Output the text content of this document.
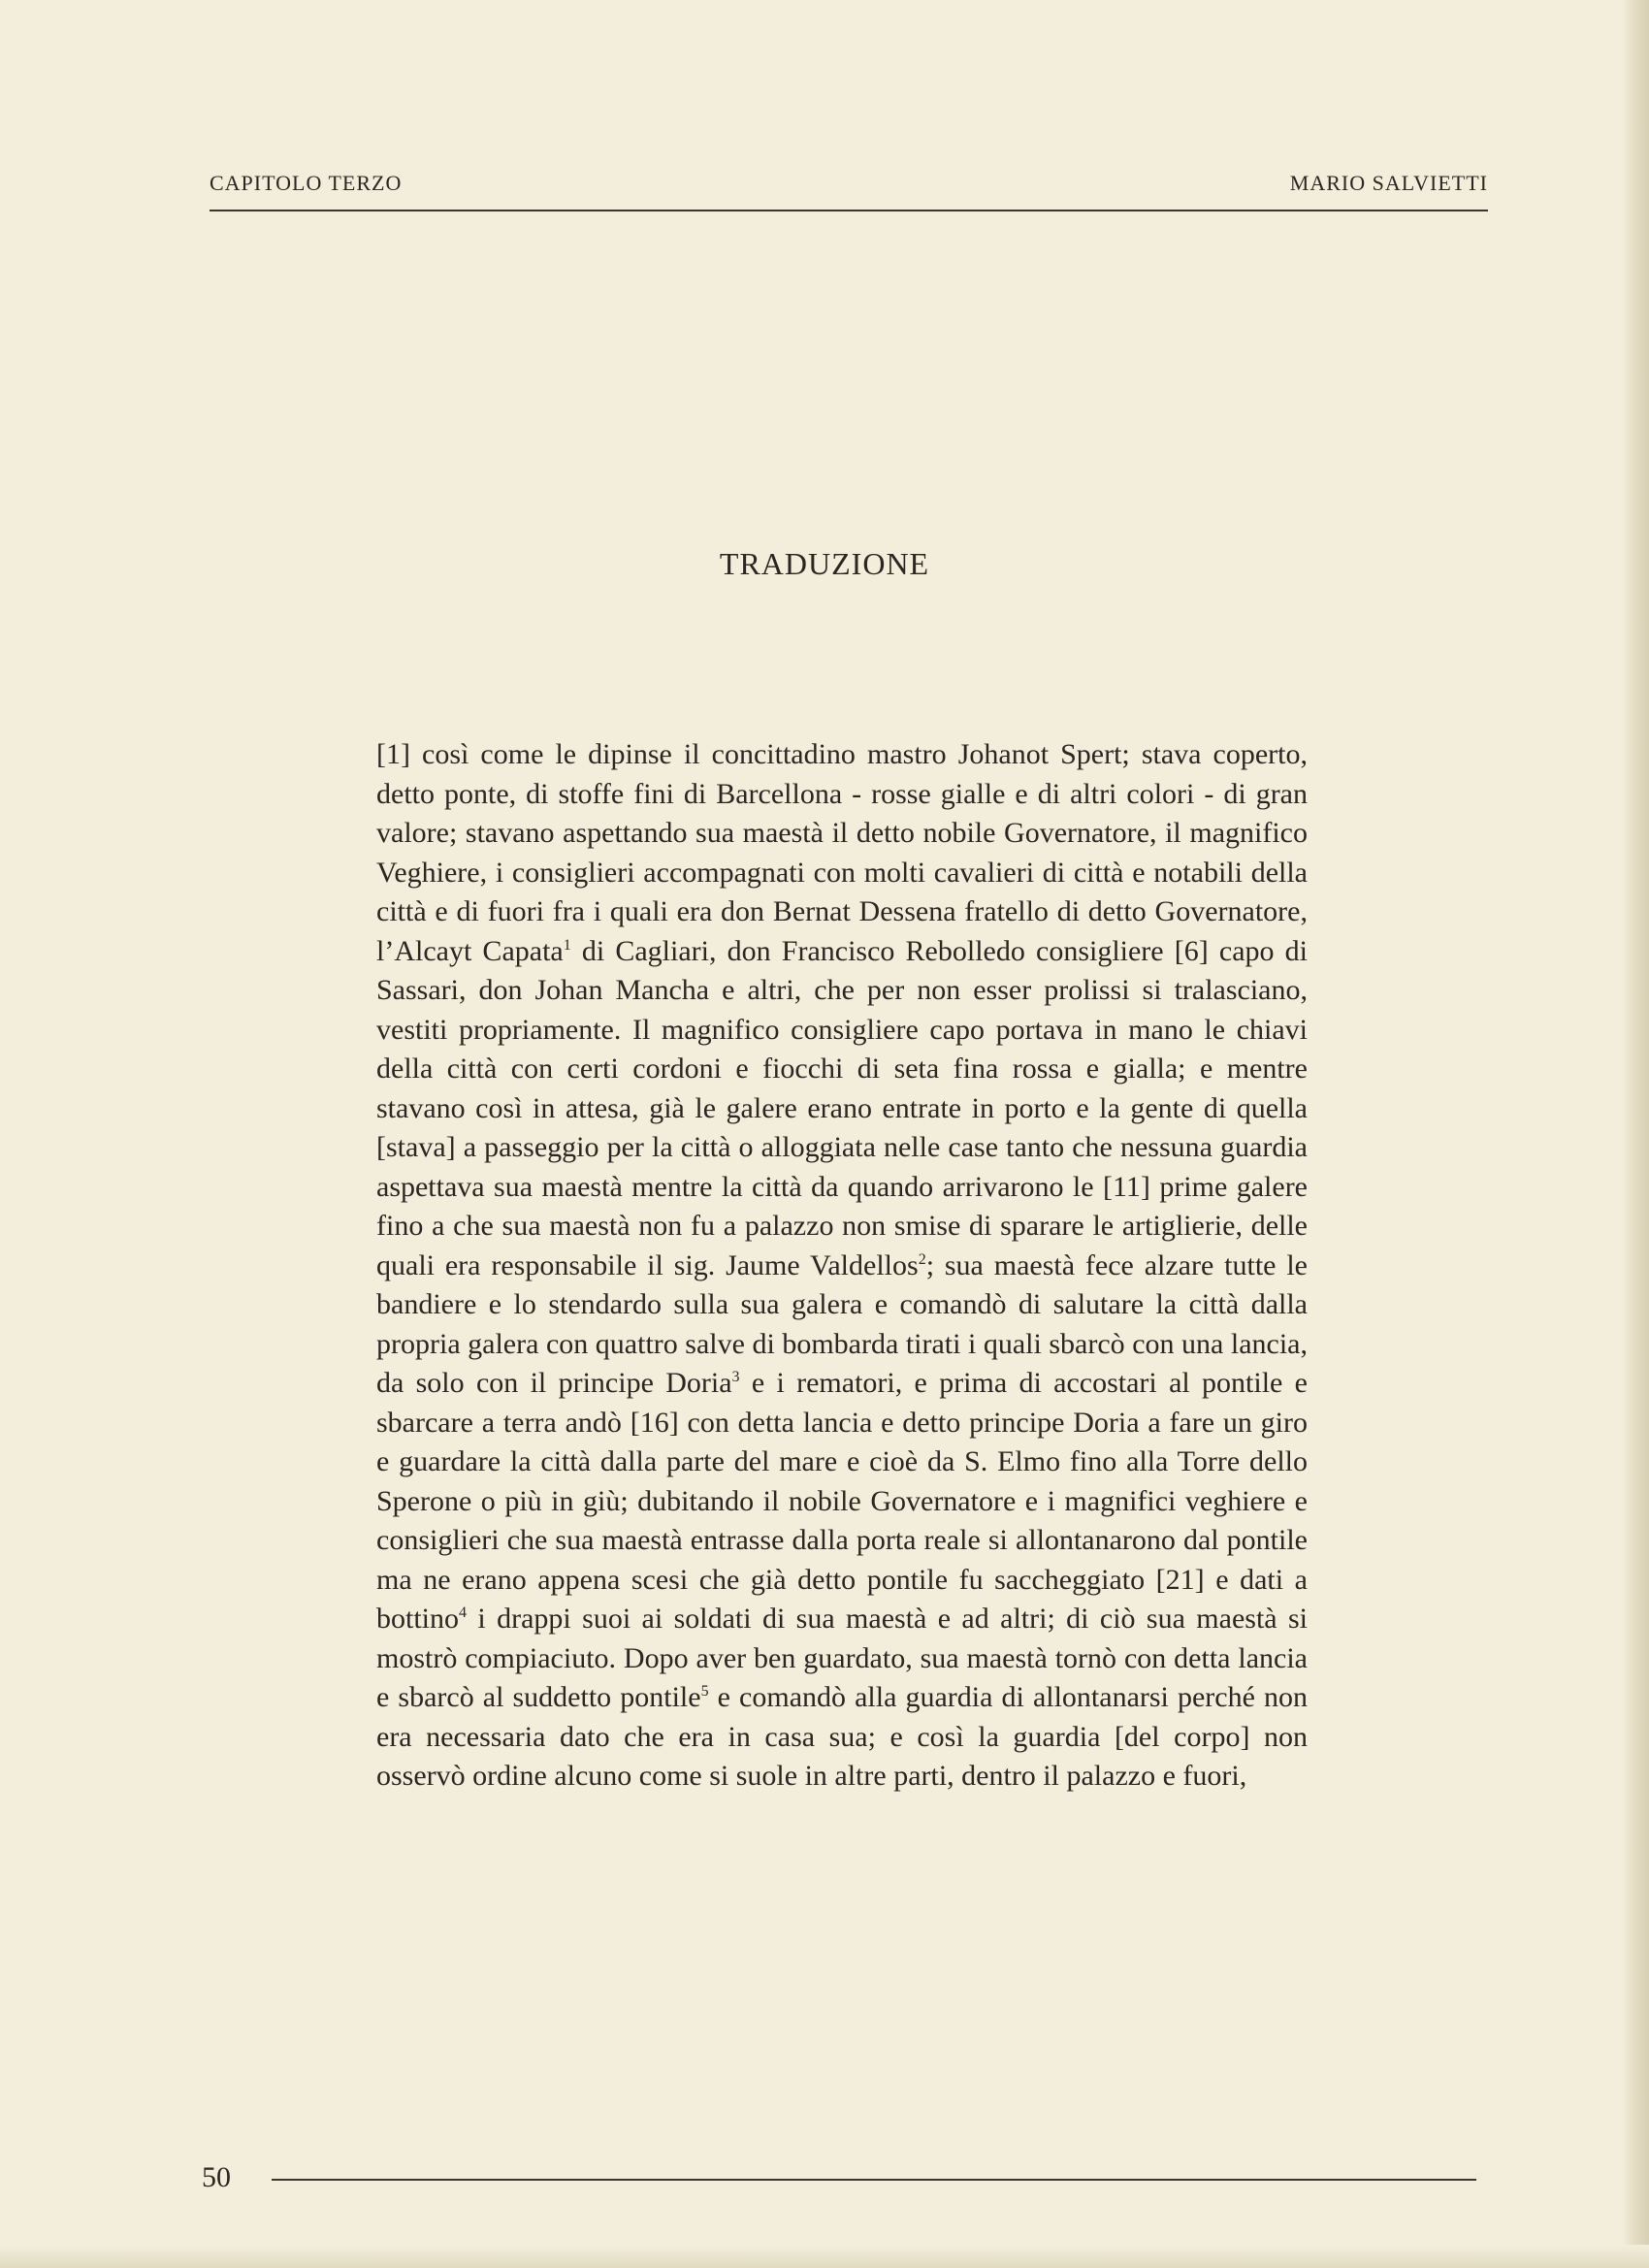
CAPITOLO TERZO	MARIO SALVIETTI
TRADUZIONE
[1] così come le dipinse il concittadino mastro Johanot Spert; stava coperto, detto ponte, di stoffe fini di Barcellona - rosse gialle e di altri colori - di gran valore; stavano aspettando sua maestà il detto nobile Governatore, il magnifico Veghiere, i consiglieri accompagnati con molti cavalieri di città e notabili della città e di fuori fra i quali era don Bernat Dessena fratello di detto Governatore, l’Alcayt Capata$^1$ di Cagliari, don Francisco Rebolledo consigliere [6] capo di Sassari, don Johan Mancha e altri, che per non esser prolissi si tralasciano, vestiti propriamente. Il magnifico consigliere capo portava in mano le chiavi della città con certi cordoni e fiocchi di seta fina rossa e gialla; e mentre stavano così in attesa, già le galere erano entrate in porto e la gente di quella [stava] a passeggio per la città o alloggiata nelle case tanto che nessuna guardia aspettava sua maestà mentre la città da quando arrivarono le [11] prime galere fino a che sua maestà non fu a palazzo non smise di sparare le artiglierie, delle quali era responsabile il sig. Jaume Valdellos$^2$; sua maestà fece alzare tutte le bandiere e lo stendardo sulla sua galera e comandò di salutare la città dalla propria galera con quattro salve di bombarda tirati i quali sbarcò con una lancia, da solo con il principe Doria$^3$ e i rematori, e prima di accostari al pontile e sbarcare a terra andò [16] con detta lancia e detto principe Doria a fare un giro e guardare la città dalla parte del mare e cioè da S. Elmo fino alla Torre dello Sperone o più in giù; dubitando il nobile Governatore e i magnifici veghiere e consiglieri che sua maestà entrasse dalla porta reale si allontanarono dal pontile ma ne erano appena scesi che già detto pontile fu saccheggiato [21] e dati a bottino$^4$ i drappi suoi ai soldati di sua maestà e ad altri; di ciò sua maestà si mostrò compiaciuto. Dopo aver ben guardato, sua maestà tornò con detta lancia e sbarcò al suddetto pontile$^5$ e comandò alla guardia di allontanarsi perché non era necessaria dato che era in casa sua; e così la guardia [del corpo] non osservò ordine alcuno come si suole in altre parti, dentro il palazzo e fuori,
50
